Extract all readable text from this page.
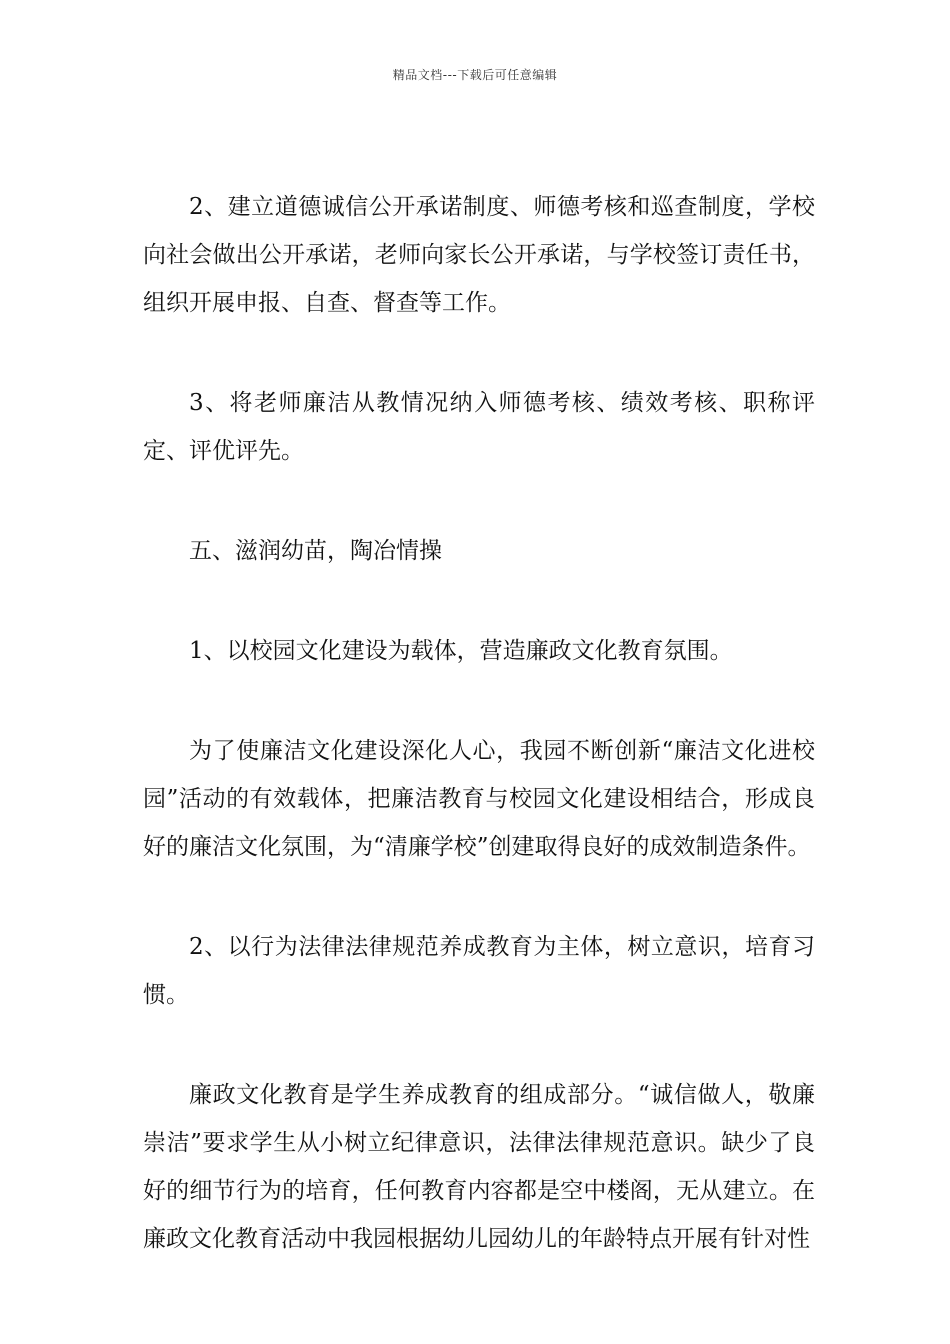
精品文档---下载后可任意编辑

2、建立道德诚信公开承诺制度、师德考核和巡查制度，学校向社会做出公开承诺，老师向家长公开承诺，与学校签订责任书，组织开展申报、自查、督查等工作。

3、将老师廉洁从教情况纳入师德考核、绩效考核、职称评定、评优评先。

五、滋润幼苗，陶冶情操

1、以校园文化建设为载体，营造廉政文化教育氛围。

为了使廉洁文化建设深化人心，我园不断创新“廉洁文化进校园”活动的有效载体，把廉洁教育与校园文化建设相结合，形成良好的廉洁文化氛围，为“清廉学校”创建取得良好的成效制造条件。

2、以行为法律法律规范养成教育为主体，树立意识，培育习惯。

廉政文化教育是学生养成教育的组成部分。“诚信做人，敬廉崇洁”要求学生从小树立纪律意识，法律法律规范意识。缺少了良好的细节行为的培育，任何教育内容都是空中楼阁，无从建立。在廉政文化教育活动中我园根据幼儿园幼儿的年龄特点开展有针对性
